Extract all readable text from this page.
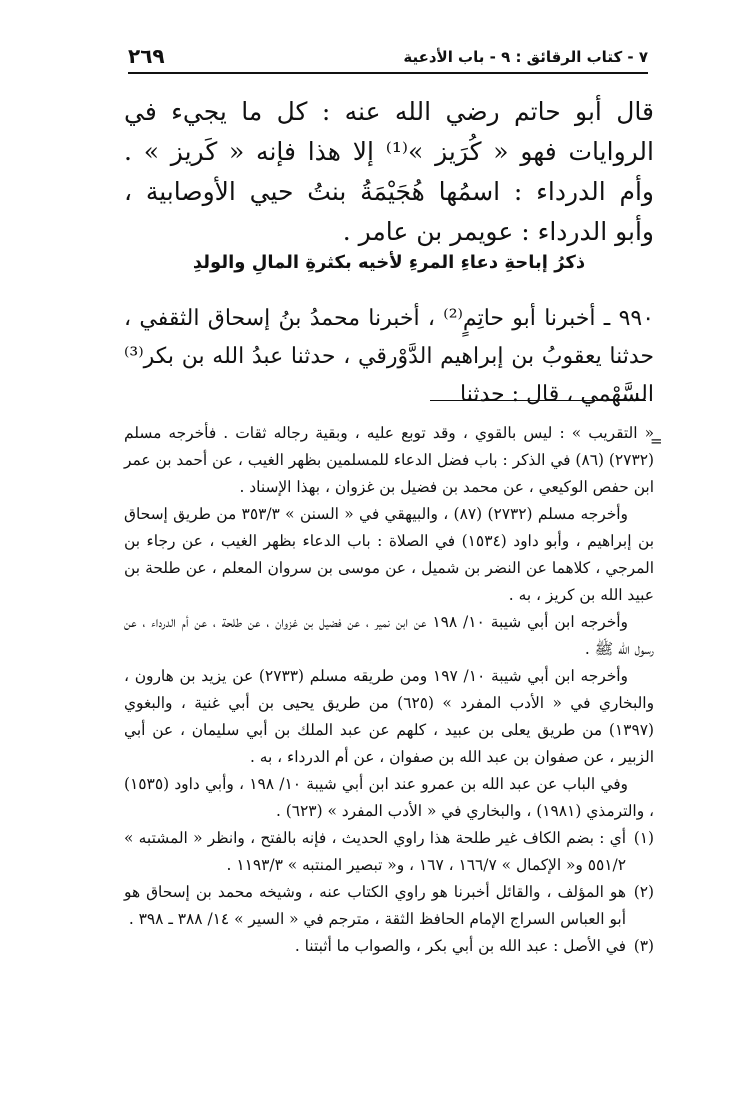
٧ - كتاب الرقائق : ٩ - باب الأدعية
٢٦٩
قال أبو حاتم رضي الله عنه : كل ما يجيء في الروايات فهو « كُرَيز »⁽¹⁾ إلا هذا فإنه « كَريز » . وأم الدرداء : اسمُها هُجَيْمَةُ بنتُ حيي الأوصابية ، وأبو الدرداء : عويمر بن عامر .
ذكرُ إباحةِ دعاءِ المرءِ لأخيه بكثرةِ المالِ والولدِ
٩٩٠ ـ أخبرنا أبو حاتِمٍ⁽²⁾ ، أخبرنا محمدُ بنُ إسحاق الثقفي ، حدثنا يعقوبُ بن إبراهيم الدَّوْرقي ، حدثنا عبدُ الله بن بكر⁽³⁾ السَّهْمي ، قال : حدثنا
=

« التقريب » : ليس بالقوي ، وقد توبع عليه ، وبقية رجاله ثقات . فأخرجه مسلم (٢٧٣٢) (٨٦) في الذكر : باب فضل الدعاء للمسلمين بظهر الغيب ، عن أحمد بن عمر ابن حفص الوكيعي ، عن محمد بن فضيل بن غزوان ، بهذا الإسناد .

وأخرجه مسلم (٢٧٣٢) (٨٧) ، والبيهقي في « السنن » ٣٥٣/٣ من طريق إسحاق بن إبراهيم ، وأبو داود (١٥٣٤) في الصلاة : باب الدعاء بظهر الغيب ، عن رجاء بن المرجي ، كلاهما عن النضر بن شميل ، عن موسى بن سروان المعلم ، عن طلحة بن عبيد الله بن كريز ، به .

وأخرجه ابن أبي شيبة ١٠/ ١٩٨ عن ابن نمير ، عن فضيل بن غزوان ، عن طلحة ، عن أم الدرداء ، عن رسول الله ﷺ .

وأخرجه ابن أبي شيبة ١٠/ ١٩٧ ومن طريقه مسلم (٢٧٣٣) عن يزيد بن هارون ، والبخاري في « الأدب المفرد » (٦٢٥) من طريق يحيى بن أبي غنية ، والبغوي (١٣٩٧) من طريق يعلى بن عبيد ، كلهم عن عبد الملك بن أبي سليمان ، عن أبي الزبير ، عن صفوان بن عبد الله بن صفوان ، عن أم الدرداء ، به .

وفي الباب عن عبد الله بن عمرو عند ابن أبي شيبة ١٠/ ١٩٨ ، وأبي داود (١٥٣٥) ، والترمذي (١٩٨١) ، والبخاري في « الأدب المفرد » (٦٢٣) .

(١)
أي : بضم الكاف غير طلحة هذا راوي الحديث ، فإنه بالفتح ، وانظر « المشتبه » ٥٥١/٢ و« الإكمال » ١٦٦/٧ ، ١٦٧ ، و« تبصير المنتبه » ١١٩٣/٣ .

(٢)
هو المؤلف ، والقائل أخبرنا هو راوي الكتاب عنه ، وشيخه محمد بن إسحاق هو أبو العباس السراج الإمام الحافظ الثقة ، مترجم في « السير » ١٤/ ٣٨٨ ـ ٣٩٨ .

(٣)
في الأصل : عبد الله بن أبي بكر ، والصواب ما أثبتنا .
